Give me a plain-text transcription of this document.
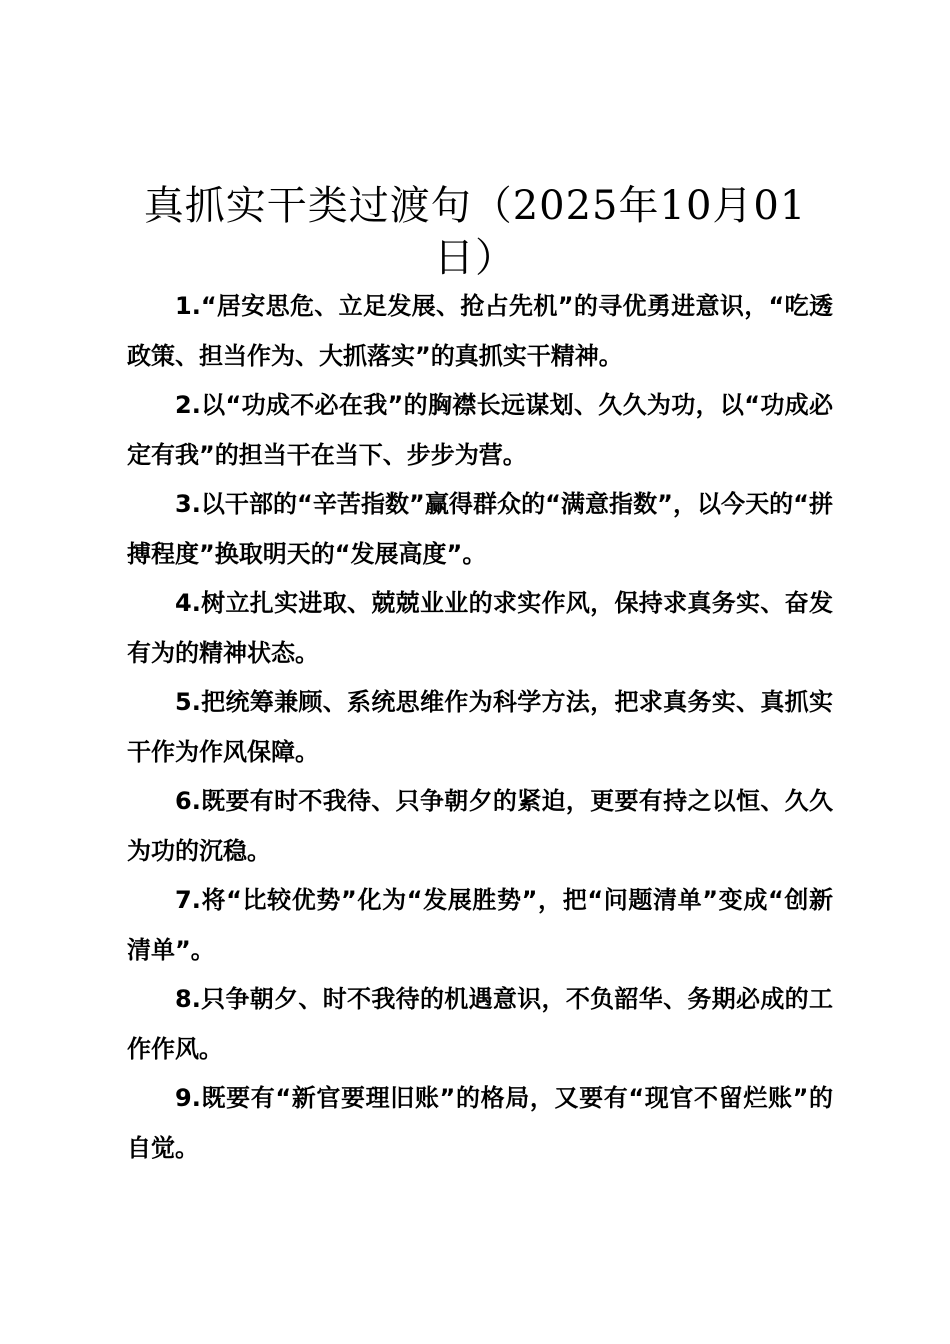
真抓实干类过渡句（2025年10月01日）

1.“居安思危、立足发展、抢占先机”的寻优勇进意识，“吃透政策、担当作为、大抓落实”的真抓实干精神。

2.以“功成不必在我”的胸襟长远谋划、久久为功，以“功成必定有我”的担当干在当下、步步为营。

3.以干部的“辛苦指数”赢得群众的“满意指数”，以今天的“拼搏程度”换取明天的“发展高度”。

4.树立扎实进取、兢兢业业的求实作风，保持求真务实、奋发有为的精神状态。

5.把统筹兼顾、系统思维作为科学方法，把求真务实、真抓实干作为作风保障。

6.既要有时不我待、只争朝夕的紧迫，更要有持之以恒、久久为功的沉稳。

7.将“比较优势”化为“发展胜势”，把“问题清单”变成“创新清单”。

8.只争朝夕、时不我待的机遇意识，不负韶华、务期必成的工作作风。

9.既要有“新官要理旧账”的格局，又要有“现官不留烂账”的自觉。
